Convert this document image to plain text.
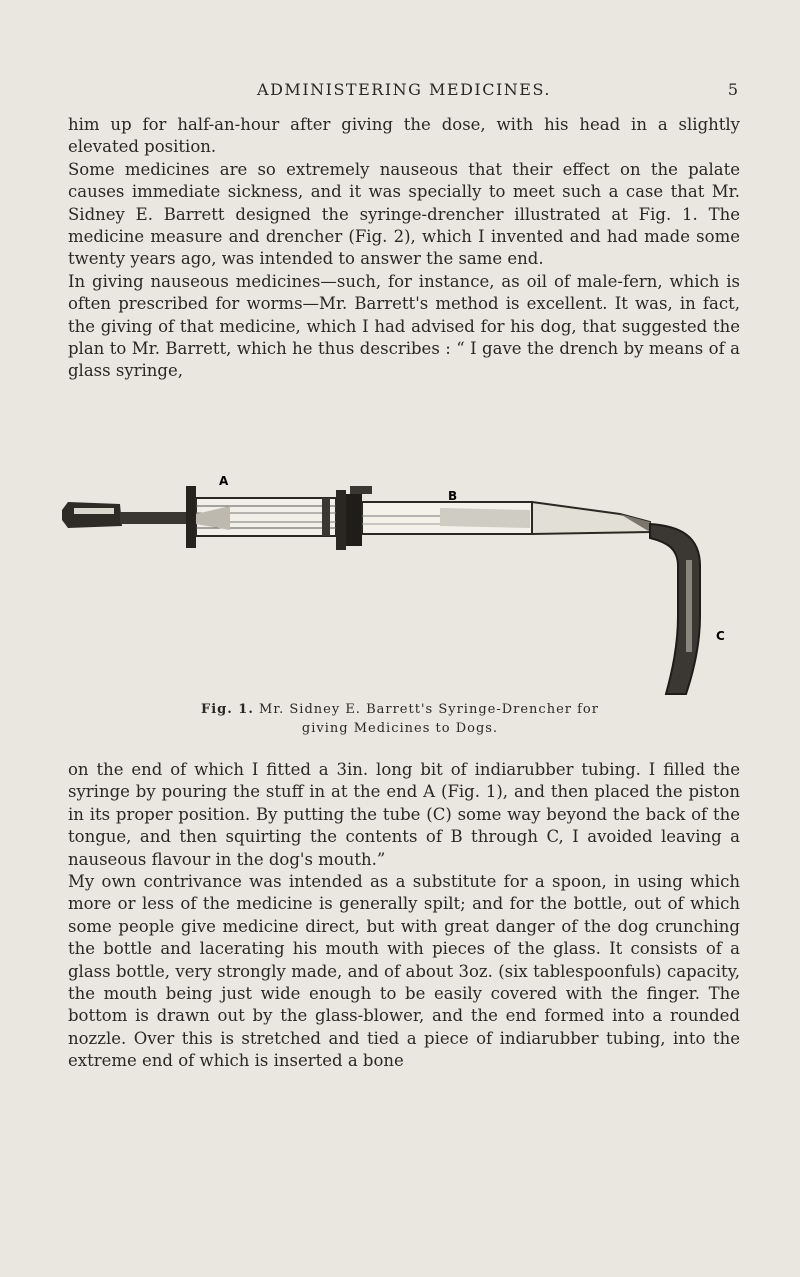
ADMINISTERING MEDICINES.	5

him up for half-an-hour after giving the dose, with his head in a slightly elevated position.

Some medicines are so extremely nauseous that their effect on the palate causes immediate sickness, and it was specially to meet such a case that Mr. Sidney E. Barrett designed the syringe-drencher illustrated at Fig. 1. The medicine measure and drencher (Fig. 2), which I invented and had made some twenty years ago, was intended to answer the same end.

In giving nauseous medicines—such, for instance, as oil of male-fern, which is often prescribed for worms—Mr. Barrett's method is excellent. It was, in fact, the giving of that medicine, which I had advised for his dog, that suggested the plan to Mr. Barrett, which he thus describes : “ I gave the drench by means of a glass syringe,

A
B
C
Fig. 1. Mr. Sidney E. Barrett's Syringe-Drencher for
giving Medicines to Dogs.

on the end of which I fitted a 3in. long bit of indiarubber tubing. I filled the syringe by pouring the stuff in at the end A (Fig. 1), and then placed the piston in its proper position. By putting the tube (C) some way beyond the back of the tongue, and then squirting the contents of B through C, I avoided leaving a nauseous flavour in the dog's mouth.”

My own contrivance was intended as a substitute for a spoon, in using which more or less of the medicine is generally spilt; and for the bottle, out of which some people give medicine direct, but with great danger of the dog crunching the bottle and lacerating his mouth with pieces of the glass. It consists of a glass bottle, very strongly made, and of about 3oz. (six tablespoonfuls) capacity, the mouth being just wide enough to be easily covered with the finger. The bottom is drawn out by the glass-blower, and the end formed into a rounded nozzle. Over this is stretched and tied a piece of indiarubber tubing, into the extreme end of which is inserted a bone
